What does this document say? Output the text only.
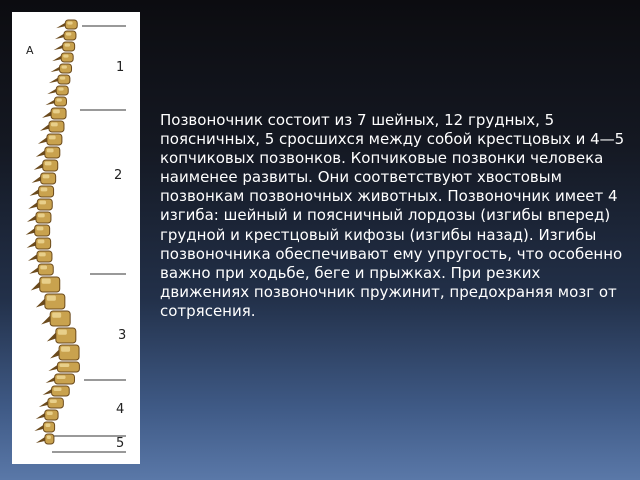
A
1
2
3
4
5

Позвоночник состоит из 7 шейных, 12 грудных, 5 поясничных, 5 сросшихся между собой крестцовых и 4—5 копчиковых позвонков. Копчиковые позвонки человека наименее развиты. Они соответствуют хвостовым позвонкам позвоночных животных. Позвоночник имеет 4 изгиба: шейный и поясничный лордозы (изгибы вперед) грудной и крестцовый кифозы (изгибы назад). Изгибы позвоночника обеспечивают ему упругость, что особенно важно при ходьбе, беге и прыжках. При резких движениях позвоночник пружинит, предохраняя мозг от сотрясения.
